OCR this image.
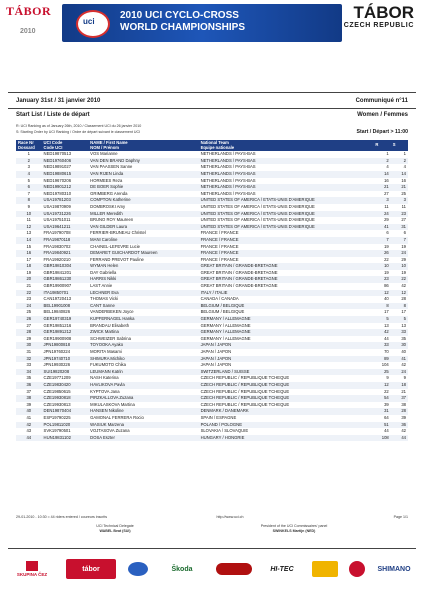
TÁBOR
2010
uci
2010 UCI CYCLO-CROSS
WORLD CHAMPIONSHIPS
TÁBOR
CZECH REPUBLIC
January 31st / 31 janvier 2010	Communiqué n°11
Start List / Liste de départ	Women / Femmes
R: UCI Ranking as of January 26th, 2010 / Classement UCI du 26 janvier 2010
S: Starting Order by UCI Ranking / Ordre de départ suivant le classement UCI	Start / Départ > 11:00
Race Nr
Dossard	UCI Code
Code UCI	NAME / First Name
NOM / Prénom	National Team
Equipe nationale	R	S
1	NED19870513	VOS Marianne	NETHERLANDS / PAYS-BAS	1	1
2	NED19760406	VAN DEN BRAND Daphny	NETHERLANDS / PAYS-BAS	2	2
3	NED19891027	VAN PAASSEN Sanne	NETHERLANDS / PAYS-BAS	4	4
4	NED19880615	VAN RIJEN Linda	NETHERLANDS / PAYS-BAS	14	14
5	NED19670206	HORMEES Reza	NETHERLANDS / PAYS-BAS	16	16
6	NED19901212	DE BOER Sophie	NETHERLANDS / PAYS-BAS	21	21
7	NED19780310	GRIMBERG Arenda	NETHERLANDS / PAYS-BAS	27	25
8	USA19781203	COMPTON Katherine	UNITED STATES OF AMERICA / ETATS-UNIS D'AMERIQUE	3	3
9	USA19870909	DOMBROSKI Amy	UNITED STATES OF AMERICA / ETATS-UNIS D'AMERIQUE	11	11
10	USA19731226	MILLER Meredith	UNITED STATES OF AMERICA / ETATS-UNIS D'AMERIQUE	24	23
11	USA19751011	BRUNO ROY Maureen	UNITED STATES OF AMERICA / ETATS-UNIS D'AMERIQUE	29	27
12	USA19641211	VAN GILDER Laura	UNITED STATES OF AMERICA / ETATS-UNIS D'AMERIQUE	41	31
13	FRA19790708	FERRIER-BRUNEAU Christel	FRANCE / FRANCE	6	6
14	FRA19870118	MANI Caroline	FRANCE / FRANCE	7	7
15	FRA19830702	CHAINEL-LEFEVRE Lucie	FRANCE / FRANCE	19	19
16	FRA19840921	DEMARET GUICHARDOT Maureen	FRANCE / FRANCE	26	24
17	FRA19920210	FERRAND PREVOT Pauline	FRANCE / FRANCE	22	29
18	GBR19810304	WYMAN Helen	GREAT BRITAIN / GRANDE-BRETAGNE	10	10
19	GBR19841201	DAY Gabriella	GREAT BRITAIN / GRANDE-BRETAGNE	19	19
20	GBR19861230	HARRIS Nikki	GREAT BRITAIN / GRANDE-BRETAGNE	23	22
21	GBR19900907	LAST Annie	GREAT BRITAIN / GRANDE-BRETAGNE	86	42
22	ITA19850701	LECHNER Eva	ITALY / ITALIE	12	12
23	CAN19720413	THOMAS Vicki	CANADA / CANADA	40	28
24	BEL19901008	CANT Sanne	BELGIUM / BELGIQUE	8	8
25	BEL19840826	VANDERBEKEN Joyce	BELGIUM / BELGIQUE	17	17
26	GER19740319	KUPFERNAGEL Hanka	GERMANY / ALLEMAGNE	5	5
27	GER19851216	BRANDAU Elisabeth	GERMANY / ALLEMAGNE	13	13
28	GER19891212	ZWICK Martina	GERMANY / ALLEMAGNE	42	33
29	GER19900908	SCHWEIZER Sabrina	GERMANY / ALLEMAGNE	44	35
30	JPN19800818	TOYOOKA Ayako	JAPAN / JAPON	33	30
31	JPN19760224	MORITA Masami	JAPAN / JAPON	70	40
32	JPN19740710	SHIMURA Michiko	JAPAN / JAPON	89	41
33	JPN19930226	FUKUMOTO Chika	JAPAN / JAPON	104	42
34	SUI19820208	LEUMANN Katrin	SWITZERLAND / SUISSE	25	24
35	CZE19771209	NASH Katerina	CZECH REPUBLIC / REPUBLIQUE TCHEQUE	9	9
36	CZE19830420	HAVLIKOVA Pavla	CZECH REPUBLIC / REPUBLIQUE TCHEQUE	12	18
37	CZE19850615	KYPTOVA Jana	CZECH REPUBLIC / REPUBLIQUE TCHEQUE	22	21
38	CZE19930818	PIRZKALLOVA Zuzana	CZECH REPUBLIC / REPUBLIQUE TCHEQUE	54	37
39	CZE19930813	MIKULASKOVA Martina	CZECH REPUBLIC / REPUBLIQUE TCHEQUE	39	38
40	DEN19870404	HANSEN Nikoline	DENMARK / DANEMARK	31	28
41	ESP19790225	GAMONAL FERRERA Rocio	SPAIN / ESPAGNE	64	39
42	POL19811020	WASIUK Marzena	POLAND / POLOGNE	51	36
43	SVK19790501	VOJTASOVA Zuzana	SLOVAKIA / SLOVAQUIE	44	42
44	HUN19831102	DOSA Eszter	HUNGARY / HONGRIE	108	44
29-01-2010 - 10:30 = 44 riders entered / coureurs inscrits	http://www.uci.ch	Page 1/1
UCI Technical Delegate
WABEL Beat (SUI)
President of the UCI Commissaires' panel
SWINKELS Martijn (NED)
SKUPINA ČEZ
tábor	Škoda	HI-TEC	SHIMANO
